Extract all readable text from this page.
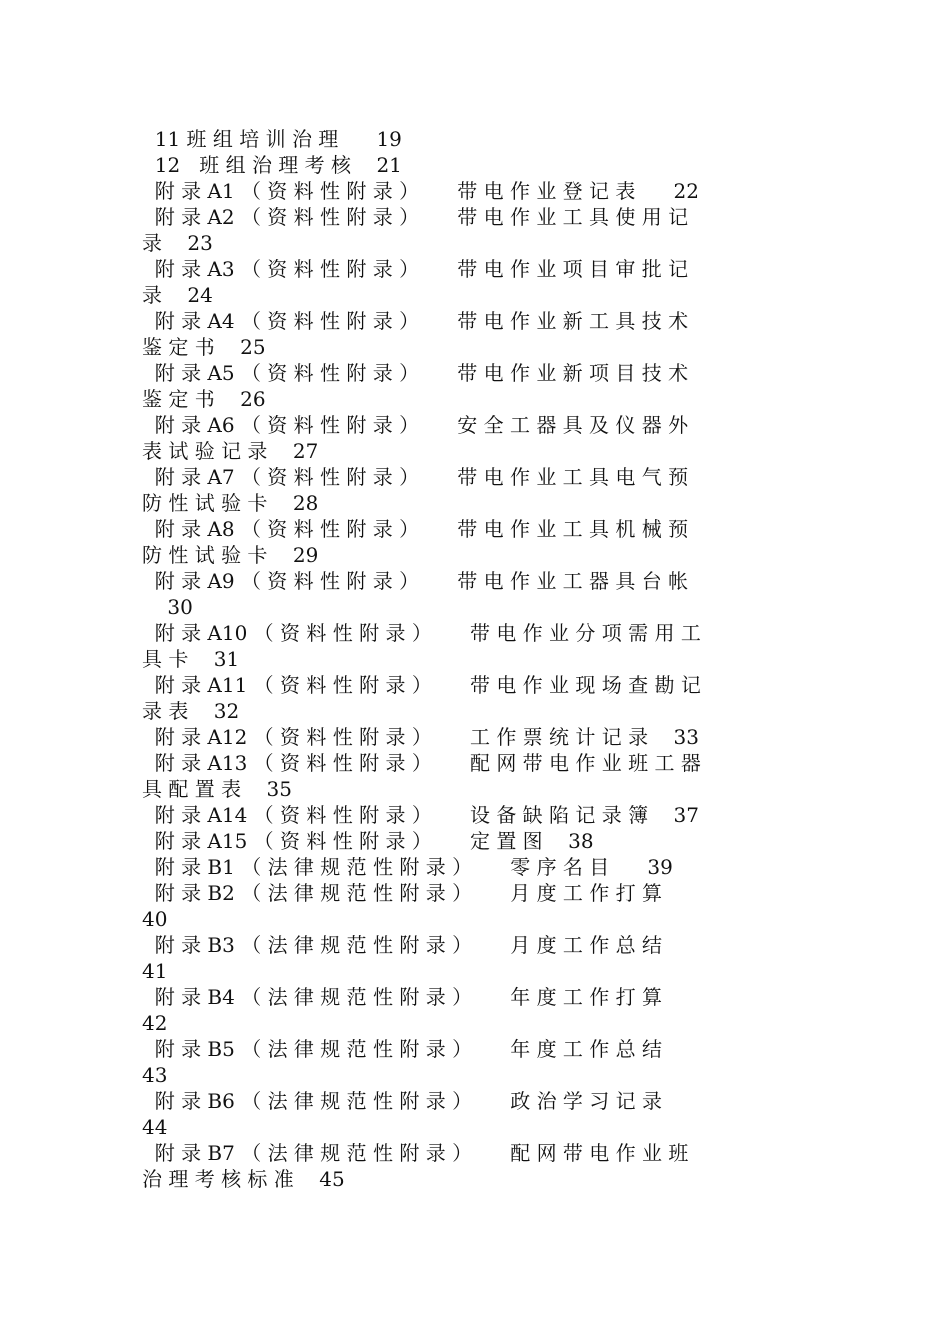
11 班 组 培 训 治 理      19
12   班 组 治 理 考 核    21
附 录 A1 （ 资 料 性 附 录 ）      带 电 作 业 登 记 表      22
附 录 A2 （ 资 料 性 附 录 ）      带 电 作 业 工 具 使 用 记
录    23
附 录 A3 （ 资 料 性 附 录 ）      带 电 作 业 项 目 审 批 记
录    24
附 录 A4 （ 资 料 性 附 录 ）      带 电 作 业 新 工 具 技 术
鉴 定 书    25
附 录 A5 （ 资 料 性 附 录 ）      带 电 作 业 新 项 目 技 术
鉴 定 书    26
附 录 A6 （ 资 料 性 附 录 ）      安 全 工 器 具 及 仪 器 外
表 试 验 记 录    27
附 录 A7 （ 资 料 性 附 录 ）      带 电 作 业 工 具 电 气 预
防 性 试 验 卡    28
附 录 A8 （ 资 料 性 附 录 ）      带 电 作 业 工 具 机 械 预
防 性 试 验 卡    29
附 录 A9 （ 资 料 性 附 录 ）      带 电 作 业 工 器 具 台 帐
30
附 录 A10 （ 资 料 性 附 录 ）      带 电 作 业 分 项 需 用 工
具 卡    31
附 录 A11 （ 资 料 性 附 录 ）      带 电 作 业 现 场 查 勘 记
录 表    32
附 录 A12 （ 资 料 性 附 录 ）      工 作 票 统 计 记 录    33
附 录 A13 （ 资 料 性 附 录 ）      配 网 带 电 作 业 班 工 器
具 配 置 表    35
附 录 A14 （ 资 料 性 附 录 ）      设 备 缺 陷 记 录 簿    37
附 录 A15 （ 资 料 性 附 录 ）      定 置 图    38
附 录 B1 （ 法 律 规 范 性 附 录 ）      零 序 名 目      39
附 录 B2 （ 法 律 规 范 性 附 录 ）      月 度 工 作 打 算
40
附 录 B3 （ 法 律 规 范 性 附 录 ）      月 度 工 作 总 结
41
附 录 B4 （ 法 律 规 范 性 附 录 ）      年 度 工 作 打 算
42
附 录 B5 （ 法 律 规 范 性 附 录 ）      年 度 工 作 总 结
43
附 录 B6 （ 法 律 规 范 性 附 录 ）      政 治 学 习 记 录
44
附 录 B7 （ 法 律 规 范 性 附 录 ）      配 网 带 电 作 业 班
治 理 考 核 标 准    45
